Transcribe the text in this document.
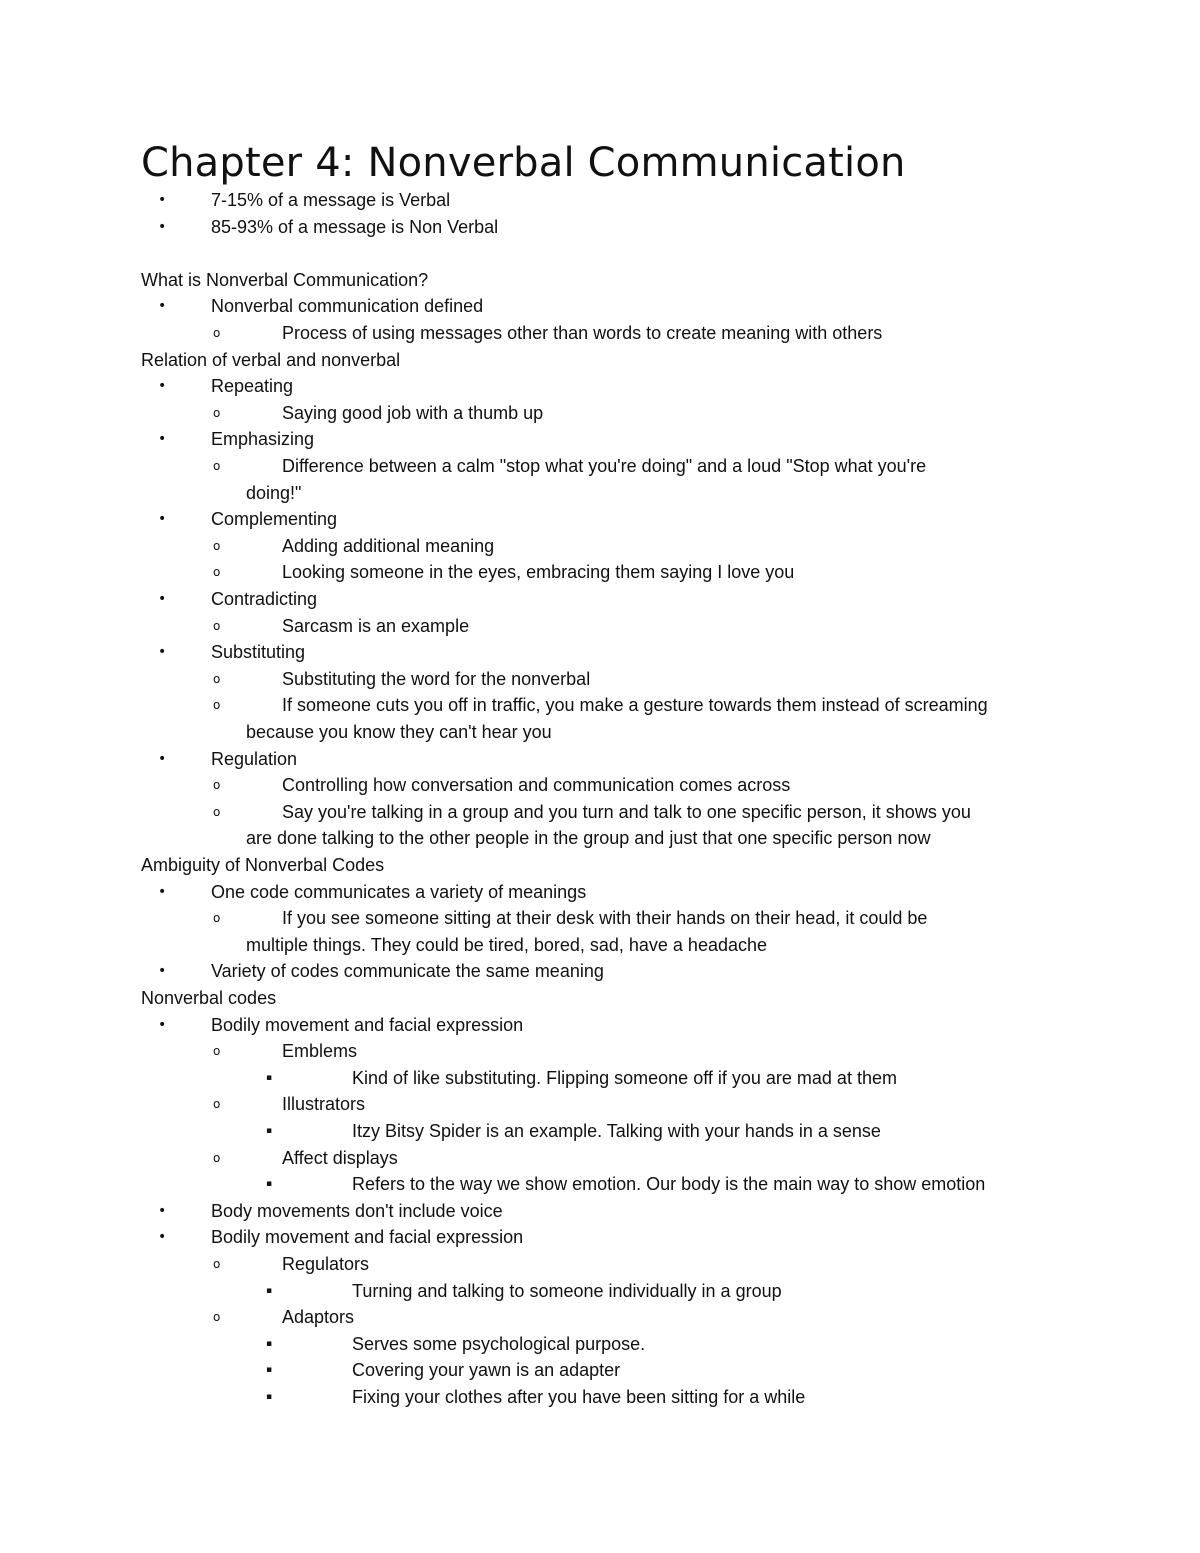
Chapter 4: Nonverbal Communication
• 7-15% of a message is Verbal
• 85-93% of a message is Non Verbal
What is Nonverbal Communication?
• Nonverbal communication defined
o	Process of using messages other than words to create meaning with others
Relation of verbal and nonverbal
• Repeating
o	Saying good job with a thumb up
• Emphasizing
o	Difference between a calm "stop what you're doing" and a loud "Stop what you're
doing!"
• Complementing
o	Adding additional meaning
o	Looking someone in the eyes, embracing them saying I love you
• Contradicting
o	Sarcasm is an example
• Substituting
o	Substituting the word for the nonverbal
o	If someone cuts you off in traffic, you make a gesture towards them instead of screaming
because you know they can't hear you
• Regulation
o	Controlling how conversation and communication comes across
o	Say you're talking in a group and you turn and talk to one specific person, it shows you
are done talking to the other people in the group and just that one specific person now
Ambiguity of Nonverbal Codes
• One code communicates a variety of meanings
o	If you see someone sitting at their desk with their hands on their head, it could be
multiple things. They could be tired, bored, sad, have a headache
• Variety of codes communicate the same meaning
Nonverbal codes
• Bodily movement and facial expression
o	Emblems
▪	Kind of like substituting. Flipping someone off if you are mad at them
o	Illustrators
▪	Itzy Bitsy Spider is an example. Talking with your hands in a sense
o	Affect displays
▪	Refers to the way we show emotion. Our body is the main way to show emotion
• Body movements don't include voice
• Bodily movement and facial expression
o	Regulators
▪	Turning and talking to someone individually in a group
o	Adaptors
▪	Serves some psychological purpose.
▪	Covering your yawn is an adapter
▪	Fixing your clothes after you have been sitting for a while
